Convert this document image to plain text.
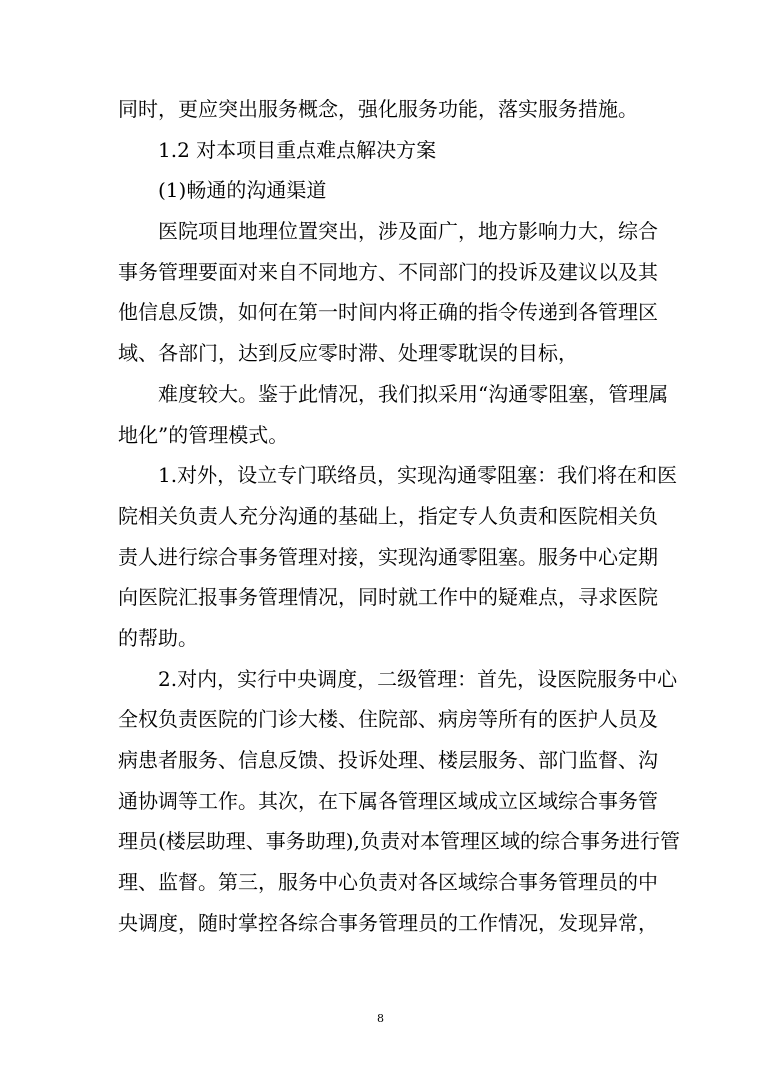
同时，更应突出服务概念，强化服务功能，落实服务措施。
1.2 对本项目重点难点解决方案
(1)畅通的沟通渠道
医院项目地理位置突出，涉及面广，地方影响力大，综合
事务管理要面对来自不同地方、不同部门的投诉及建议以及其
他信息反馈，如何在第一时间内将正确的指令传递到各管理区
域、各部门，达到反应零时滞、处理零耽误的目标，
难度较大。鉴于此情况，我们拟采用“沟通零阻塞，管理属
地化”的管理模式。
1.对外，设立专门联络员，实现沟通零阻塞：我们将在和医
院相关负责人充分沟通的基础上，指定专人负责和医院相关负
责人进行综合事务管理对接，实现沟通零阻塞。服务中心定期
向医院汇报事务管理情况，同时就工作中的疑难点，寻求医院
的帮助。
2.对内，实行中央调度，二级管理：首先，设医院服务中心
全权负责医院的门诊大楼、住院部、病房等所有的医护人员及
病患者服务、信息反馈、投诉处理、楼层服务、部门监督、沟
通协调等工作。其次，在下属各管理区域成立区域综合事务管
理员(楼层助理、事务助理),负责对本管理区域的综合事务进行管
理、监督。第三，服务中心负责对各区域综合事务管理员的中
央调度，随时掌控各综合事务管理员的工作情况，发现异常，
8
